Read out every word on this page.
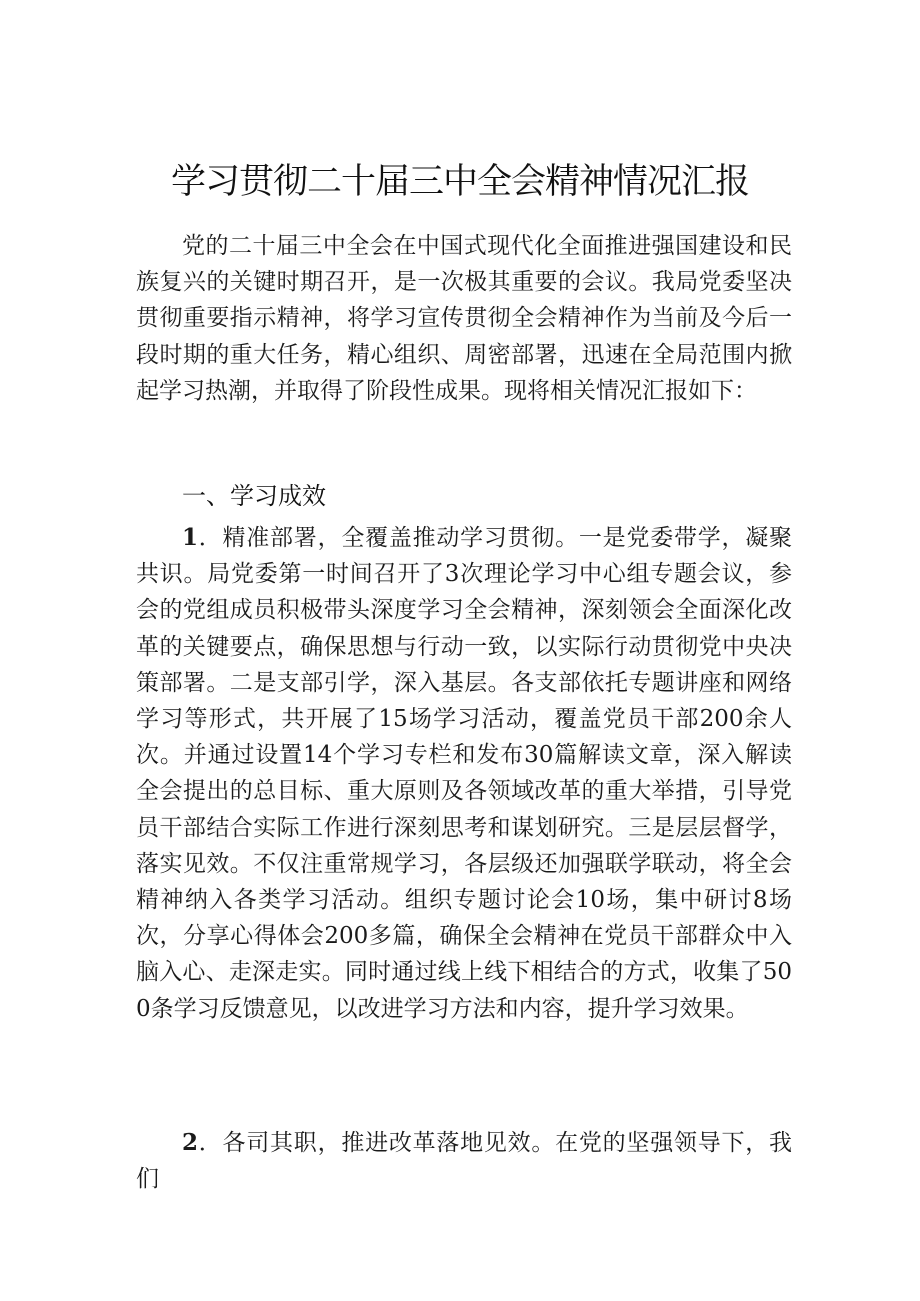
学习贯彻二十届三中全会精神情况汇报

党的二十届三中全会在中国式现代化全面推进强国建设和民族复兴的关键时期召开，是一次极其重要的会议。我局党委坚决贯彻重要指示精神，将学习宣传贯彻全会精神作为当前及今后一段时期的重大任务，精心组织、周密部署，迅速在全局范围内掀起学习热潮，并取得了阶段性成果。现将相关情况汇报如下：

一、学习成效

1．精准部署，全覆盖推动学习贯彻。一是党委带学，凝聚共识。局党委第一时间召开了3次理论学习中心组专题会议，参会的党组成员积极带头深度学习全会精神，深刻领会全面深化改革的关键要点，确保思想与行动一致，以实际行动贯彻党中央决策部署。二是支部引学，深入基层。各支部依托专题讲座和网络学习等形式，共开展了15场学习活动，覆盖党员干部200余人次。并通过设置14个学习专栏和发布30篇解读文章，深入解读全会提出的总目标、重大原则及各领域改革的重大举措，引导党员干部结合实际工作进行深刻思考和谋划研究。三是层层督学，落实见效。不仅注重常规学习，各层级还加强联学联动，将全会精神纳入各类学习活动。组织专题讨论会10场，集中研讨8场次，分享心得体会200多篇，确保全会精神在党员干部群众中入脑入心、走深走实。同时通过线上线下相结合的方式，收集了500条学习反馈意见，以改进学习方法和内容，提升学习效果。

2．各司其职，推进改革落地见效。在党的坚强领导下，我们
